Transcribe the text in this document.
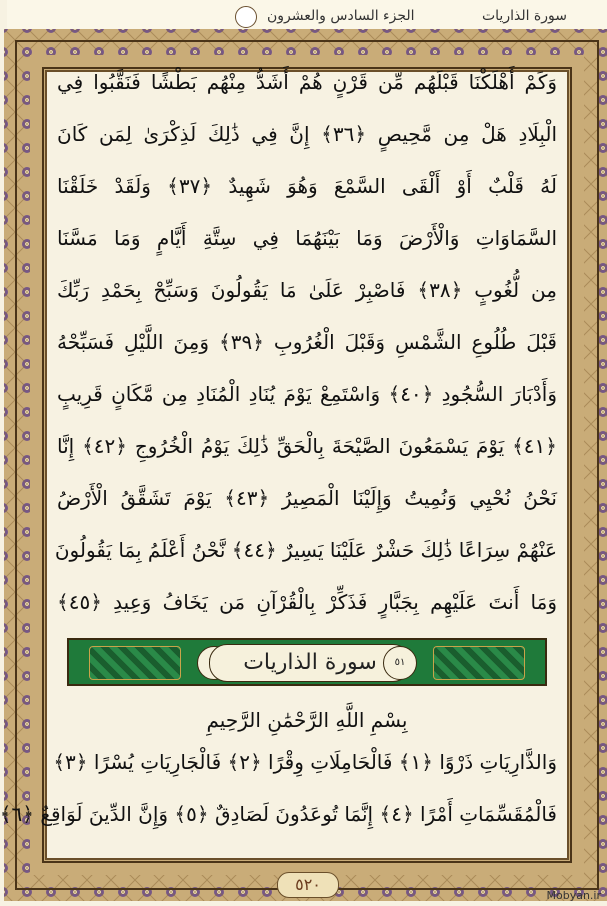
سورة الذاريات
الجزء السادس والعشرون
وَكَمْ أَهْلَكْنَا قَبْلَهُم مِّن قَرْنٍ هُمْ أَشَدُّ مِنْهُم بَطْشًا فَنَقَّبُوا فِي
الْبِلَادِ هَلْ مِن مَّحِيصٍ ﴿٣٦﴾ إِنَّ فِي ذَٰلِكَ لَذِكْرَىٰ لِمَن كَانَ
لَهُ قَلْبٌ أَوْ أَلْقَى السَّمْعَ وَهُوَ شَهِيدٌ ﴿٣٧﴾ وَلَقَدْ خَلَقْنَا
السَّمَاوَاتِ وَالْأَرْضَ وَمَا بَيْنَهُمَا فِي سِتَّةِ أَيَّامٍ وَمَا مَسَّنَا
مِن لُّغُوبٍ ﴿٣٨﴾ فَاصْبِرْ عَلَىٰ مَا يَقُولُونَ وَسَبِّحْ بِحَمْدِ رَبِّكَ
قَبْلَ طُلُوعِ الشَّمْسِ وَقَبْلَ الْغُرُوبِ ﴿٣٩﴾ وَمِنَ اللَّيْلِ فَسَبِّحْهُ
وَأَدْبَارَ السُّجُودِ ﴿٤٠﴾ وَاسْتَمِعْ يَوْمَ يُنَادِ الْمُنَادِ مِن مَّكَانٍ قَرِيبٍ
﴿٤١﴾ يَوْمَ يَسْمَعُونَ الصَّيْحَةَ بِالْحَقِّ ذَٰلِكَ يَوْمُ الْخُرُوجِ ﴿٤٢﴾ إِنَّا
نَحْنُ نُحْيِي وَنُمِيتُ وَإِلَيْنَا الْمَصِيرُ ﴿٤٣﴾ يَوْمَ تَشَقَّقُ الْأَرْضُ
عَنْهُمْ سِرَاعًا ذَٰلِكَ حَشْرٌ عَلَيْنَا يَسِيرٌ ﴿٤٤﴾ نَّحْنُ أَعْلَمُ بِمَا يَقُولُونَ
وَمَا أَنتَ عَلَيْهِم بِجَبَّارٍ فَذَكِّرْ بِالْقُرْآنِ مَن يَخَافُ وَعِيدِ ﴿٤٥﴾
سورة الذاريات	٥١
بِسْمِ اللَّهِ الرَّحْمَٰنِ الرَّحِيمِ
وَالذَّارِيَاتِ ذَرْوًا ﴿١﴾ فَالْحَامِلَاتِ وِقْرًا ﴿٢﴾ فَالْجَارِيَاتِ يُسْرًا ﴿٣﴾
فَالْمُقَسِّمَاتِ أَمْرًا ﴿٤﴾ إِنَّمَا تُوعَدُونَ لَصَادِقٌ ﴿٥﴾ وَإِنَّ الدِّينَ لَوَاقِعٌ ﴿٦﴾
٥٢٠
Mobyan.ir
